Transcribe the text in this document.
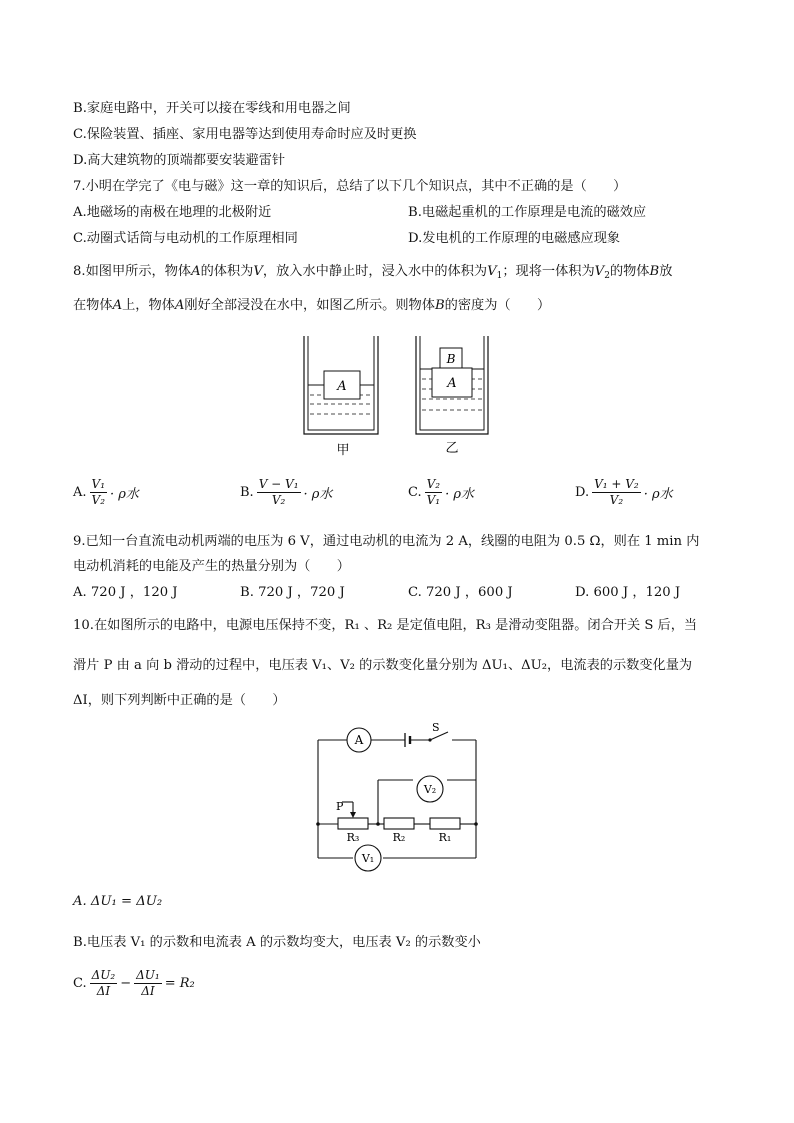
B.家庭电路中，开关可以接在零线和用电器之间
C.保险装置、插座、家用电器等达到使用寿命时应及时更换
D.高大建筑物的顶端都要安装避雷针
7.小明在学完了《电与磁》这一章的知识后，总结了以下几个知识点，其中不正确的是（　　）
A.地磁场的南极在地理的北极附近	B.电磁起重机的工作原理是电流的磁效应
C.动圈式话筒与电动机的工作原理相同	D.发电机的工作原理的电磁感应现象
8.如图甲所示，物体A的体积为V，放入水中静止时，浸入水中的体积为$V_1$；现将一体积为$V_2$的物体B放
在物体A上，物体A刚好全部浸没在水中，如图乙所示。则物体B的密度为（　　）
A	A
B
甲	乙
A. $\frac{\text{V₁}}{\text{V₂}} \cdot \rho$水	B. $\frac{\text{V − V₁}}{\text{V₂}} \cdot \rho$水	C. $\frac{\text{V₂}}{\text{V₁}} \cdot \rho$水	D. $\frac{\text{V₁ + V₂}}{\text{V₂}} \cdot \rho$水
9.已知一台直流电动机两端的电压为 6 V，通过电动机的电流为 2 A，线圈的电阻为 0.5 Ω，则在 1 min 内
电动机消耗的电能及产生的热量分别为（　　）
A. 720 J ，120 J	B. 720 J ，720 J	C. 720 J ，600 J	D. 600 J ，120 J
10.在如图所示的电路中，电源电压保持不变，R₁ 、R₂ 是定值电阻，R₃ 是滑动变阻器。闭合开关 S 后，当
滑片 P 由 a 向 b 滑动的过程中，电压表 V₁、V₂ 的示数变化量分别为 ΔU₁、ΔU₂，电流表的示数变化量为
ΔI，则下列判断中正确的是（　　）
S
A
V₂
P
R₃	R₂	R₁
V₁
A. ΔU₁ = ΔU₂
B.电压表 V₁ 的示数和电流表 A 的示数均变大，电压表 V₂ 的示数变小
C. $\frac{\text{ΔU₂}}{\Delta I} - \frac{\text{ΔU₁}}{\Delta I} = R_2$
